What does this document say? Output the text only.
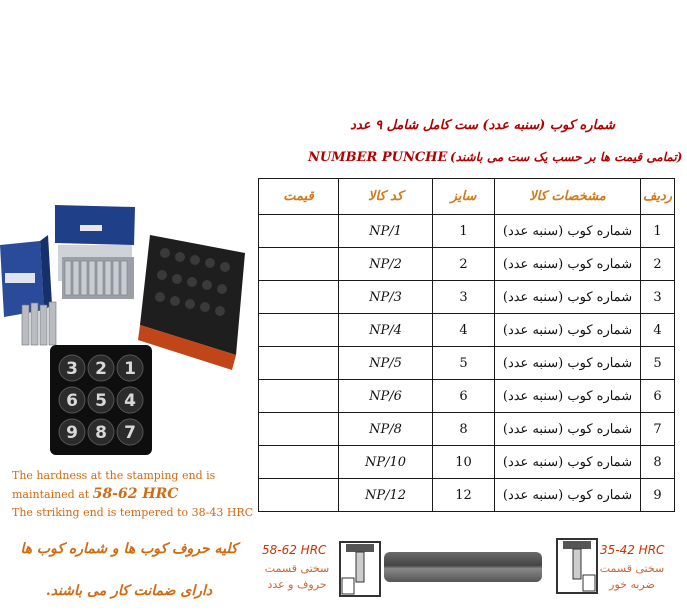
شماره کوب (سنبه عدد) ست کامل شامل ۹ عدد
NUMBER PUNCHE (تمامی قیمت ها بر حسب یک ست می باشند)
قیمت	کد کالا	سایز	مشخصات کالا	ردیف
	NP/1	1	شماره کوب (سنبه عدد)	1
	NP/2	2	شماره کوب (سنبه عدد)	2
	NP/3	3	شماره کوب (سنبه عدد)	3
	NP/4	4	شماره کوب (سنبه عدد)	4
	NP/5	5	شماره کوب (سنبه عدد)	5
	NP/6	6	شماره کوب (سنبه عدد)	6
	NP/8	8	شماره کوب (سنبه عدد)	7
	NP/10	10	شماره کوب (سنبه عدد)	8
	NP/12	12	شماره کوب (سنبه عدد)	9
3 2 1
6 5 4
9 8 7
The hardness at the stamping end is
maintained at 58-62 HRC
The striking end is tempered to 38-43 HRC
کلیه حروف کوب ها و شماره کوب ها دارای ضمانت کار می باشند.
58-62 HRC
سختی قسمت
حروف و عدد
35-42 HRC
سختی قسمت
ضربه خور
